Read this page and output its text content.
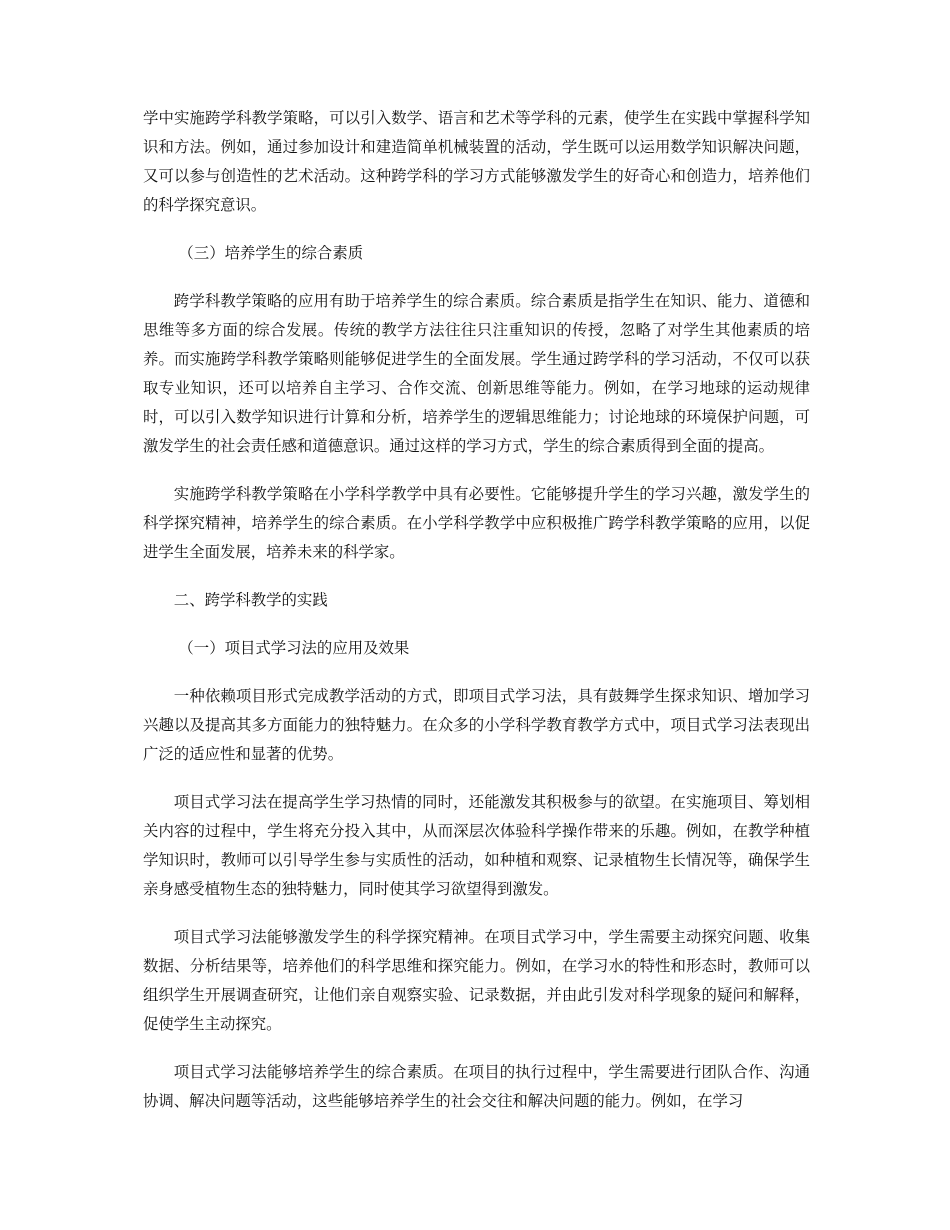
学中实施跨学科教学策略，可以引入数学、语言和艺术等学科的元素，使学生在实践中掌握科学知识和方法。例如，通过参加设计和建造简单机械装置的活动，学生既可以运用数学知识解决问题，又可以参与创造性的艺术活动。这种跨学科的学习方式能够激发学生的好奇心和创造力，培养他们的科学探究意识。

（三）培养学生的综合素质

跨学科教学策略的应用有助于培养学生的综合素质。综合素质是指学生在知识、能力、道德和思维等多方面的综合发展。传统的教学方法往往只注重知识的传授，忽略了对学生其他素质的培养。而实施跨学科教学策略则能够促进学生的全面发展。学生通过跨学科的学习活动，不仅可以获取专业知识，还可以培养自主学习、合作交流、创新思维等能力。例如，在学习地球的运动规律时，可以引入数学知识进行计算和分析，培养学生的逻辑思维能力；讨论地球的环境保护问题，可激发学生的社会责任感和道德意识。通过这样的学习方式，学生的综合素质得到全面的提高。

实施跨学科教学策略在小学科学教学中具有必要性。它能够提升学生的学习兴趣，激发学生的科学探究精神，培养学生的综合素质。在小学科学教学中应积极推广跨学科教学策略的应用，以促进学生全面发展，培养未来的科学家。

二、跨学科教学的实践

（一）项目式学习法的应用及效果

一种依赖项目形式完成教学活动的方式，即项目式学习法，具有鼓舞学生探求知识、增加学习兴趣以及提高其多方面能力的独特魅力。在众多的小学科学教育教学方式中，项目式学习法表现出广泛的适应性和显著的优势。

项目式学习法在提高学生学习热情的同时，还能激发其积极参与的欲望。在实施项目、筹划相关内容的过程中，学生将充分投入其中，从而深层次体验科学操作带来的乐趣。例如，在教学种植学知识时，教师可以引导学生参与实质性的活动，如种植和观察、记录植物生长情况等，确保学生亲身感受植物生态的独特魅力，同时使其学习欲望得到激发。

项目式学习法能够激发学生的科学探究精神。在项目式学习中，学生需要主动探究问题、收集数据、分析结果等，培养他们的科学思维和探究能力。例如，在学习水的特性和形态时，教师可以组织学生开展调查研究，让他们亲自观察实验、记录数据，并由此引发对科学现象的疑问和解释，促使学生主动探究。

项目式学习法能够培养学生的综合素质。在项目的执行过程中，学生需要进行团队合作、沟通协调、解决问题等活动，这些能够培养学生的社会交往和解决问题的能力。例如，在学习
